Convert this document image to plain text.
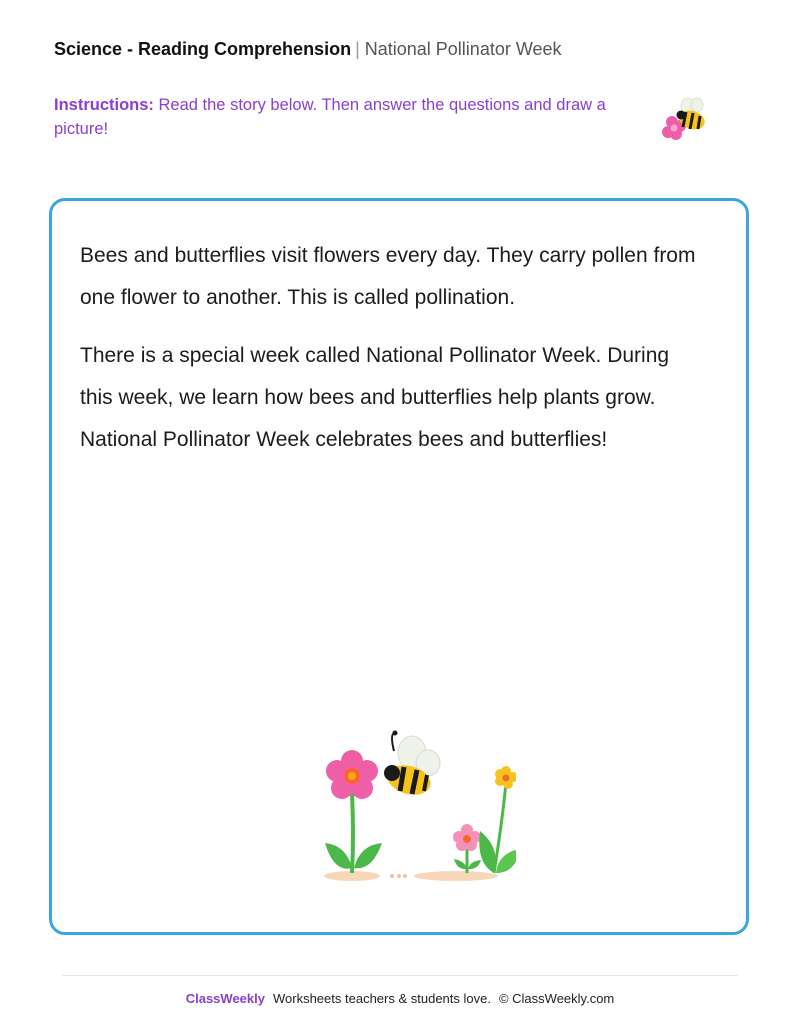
Science - Reading Comprehension | National Pollinator Week
Instructions: Read the story below. Then answer the questions and draw a picture!

Bees and butterflies visit flowers every day. They carry pollen from one flower to another. This is called pollination.

There is a special week called National Pollinator Week. During this week, we learn how bees and butterflies help plants grow. National Pollinator Week celebrates bees and butterflies!

ClassWeekly Worksheets teachers & students love. © ClassWeekly.com
